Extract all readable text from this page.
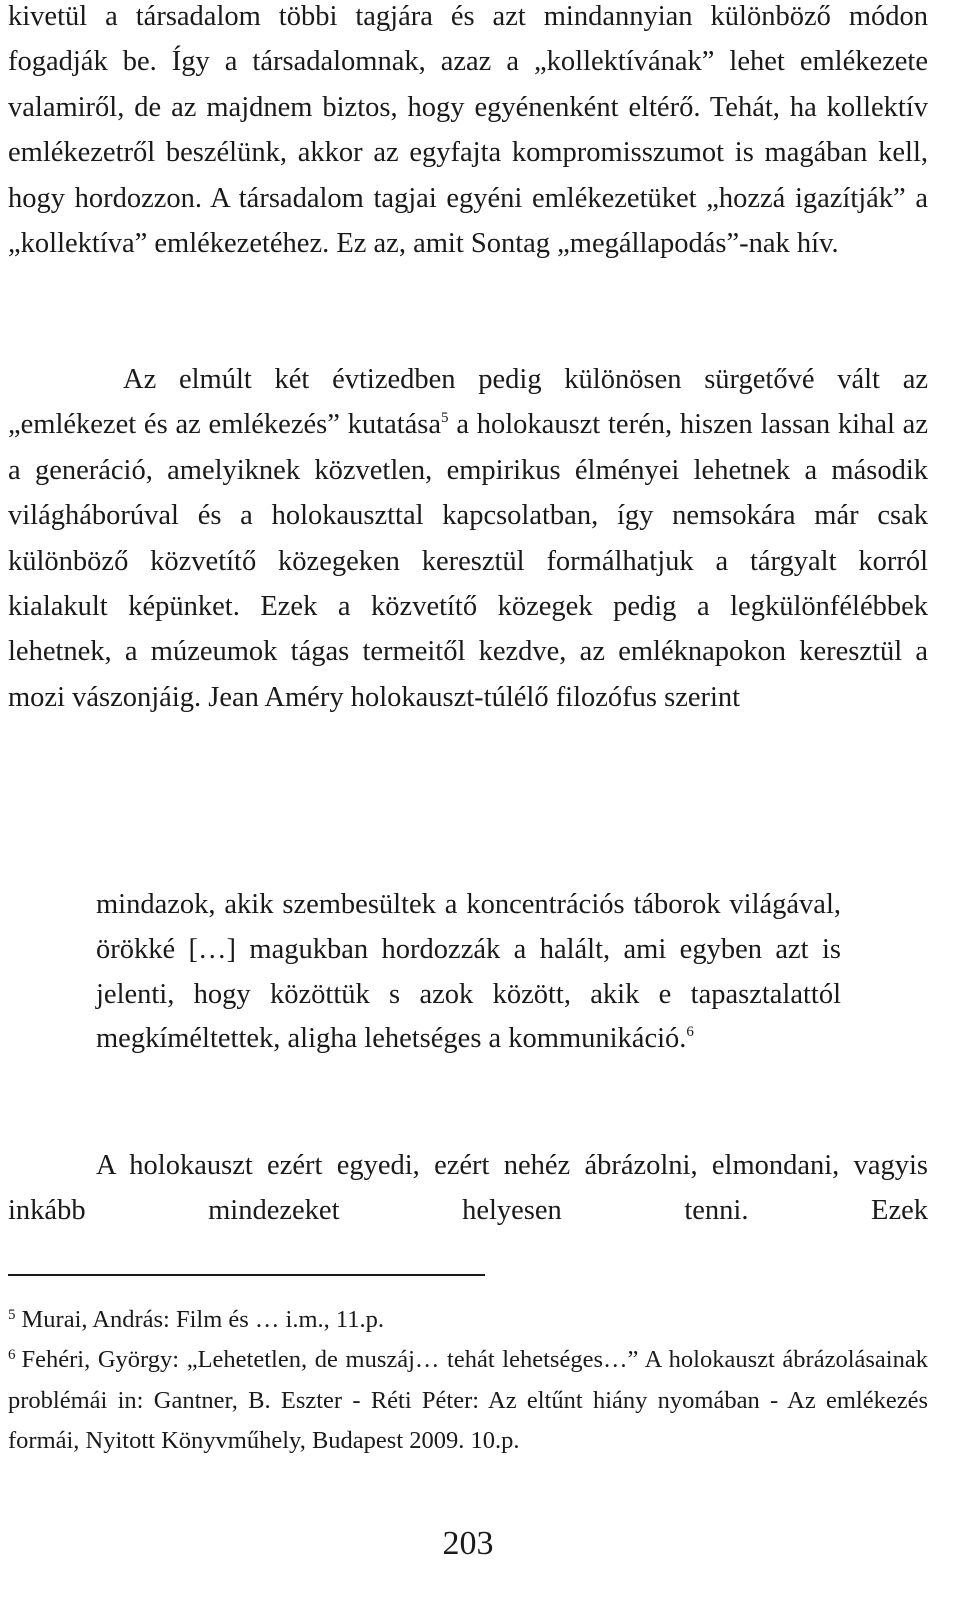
kivetül a társadalom többi tagjára és azt mindannyian különböző módon fogadják be. Így a társadalomnak, azaz a „kollektívának” lehet emlékezete valamiről, de az majdnem biztos, hogy egyénenként eltérő. Tehát, ha kollektív emlékezetről beszélünk, akkor az egyfajta kompromisszumot is magában kell, hogy hordozzon. A társadalom tagjai egyéni emlékezetüket „hozzá igazítják” a „kollektíva” emlékezetéhez. Ez az, amit Sontag „megállapodás”-nak hív.

Az elmúlt két évtizedben pedig különösen sürgetővé vált az „emlékezet és az emlékezés” kutatása$^5$ a holokauszt terén, hiszen lassan kihal az a generáció, amelyiknek közvetlen, empirikus élményei lehetnek a második világháborúval és a holokauszttal kapcsolatban, így nemsokára már csak különböző közvetítő közegeken keresztül formálhatjuk a tárgyalt korról kialakult képünket. Ezek a közvetítő közegek pedig a legkülönfélébbek lehetnek, a múzeumok tágas termeitől kezdve, az emléknapokon keresztül a mozi vászonjáig. Jean Améry holokauszt-túlélő filozófus szerint

mindazok, akik szembesültek a koncentrációs táborok világával, örökké […] magukban hordozzák a halált, ami egyben azt is jelenti, hogy közöttük s azok között, akik e tapasztalattól megkíméltettek, aligha lehetséges a kommunikáció.$^6$

A holokauszt ezért egyedi, ezért nehéz ábrázolni, elmondani, vagyis inkább mindezeket helyesen tenni. Ezek

$^5$ Murai, András: Film és … i.m., 11.p.

$^6$ Fehéri, György: „Lehetetlen, de muszáj… tehát lehetséges…” A holokauszt ábrázolásainak problémái in: Gantner, B. Eszter - Réti Péter: Az eltűnt hiány nyomában - Az emlékezés formái, Nyitott Könyvműhely, Budapest 2009. 10.p.

203
